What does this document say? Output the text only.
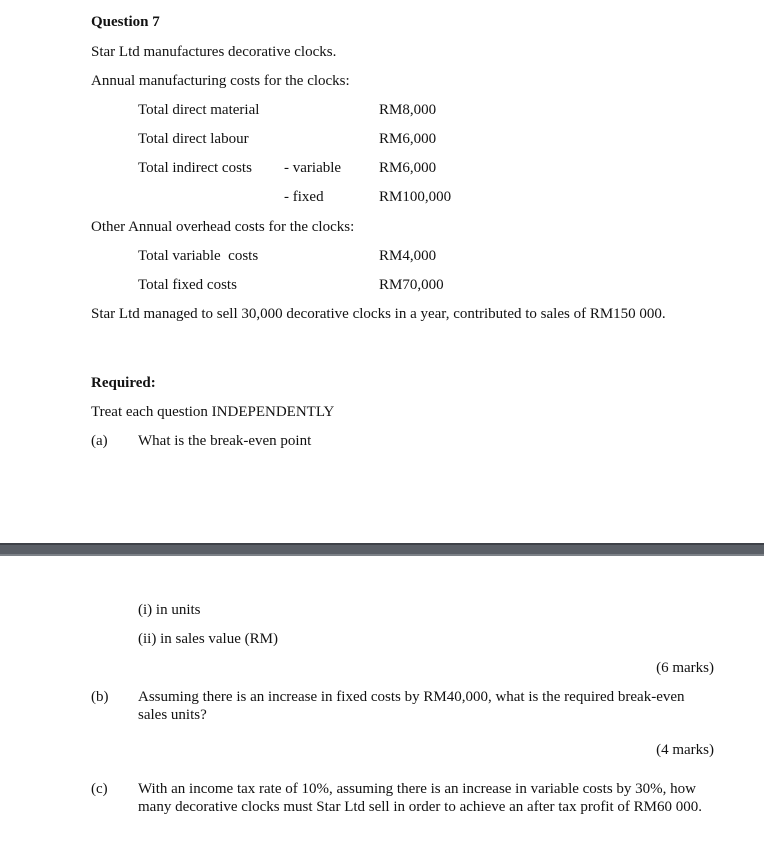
Question 7
Star Ltd manufactures decorative clocks.
Annual manufacturing costs for the clocks:
Total direct material	RM8,000
Total direct labour	RM6,000
Total indirect costs - variable	RM6,000
- fixed	RM100,000
Other Annual overhead costs for the clocks:
Total variable  costs	RM4,000
Total fixed costs	RM70,000
Star Ltd managed to sell 30,000 decorative clocks in a year, contributed to sales of RM150 000.
Required:
Treat each question INDEPENDENTLY
(a) What is the break-even point
(i) in units
(ii) in sales value (RM)
(6 marks)
(b) Assuming there is an increase in fixed costs by RM40,000, what is the required break-even sales units?
(4 marks)
(c) With an income tax rate of 10%, assuming there is an increase in variable costs by 30%, how many decorative clocks must Star Ltd sell in order to achieve an after tax profit of RM60 000.
